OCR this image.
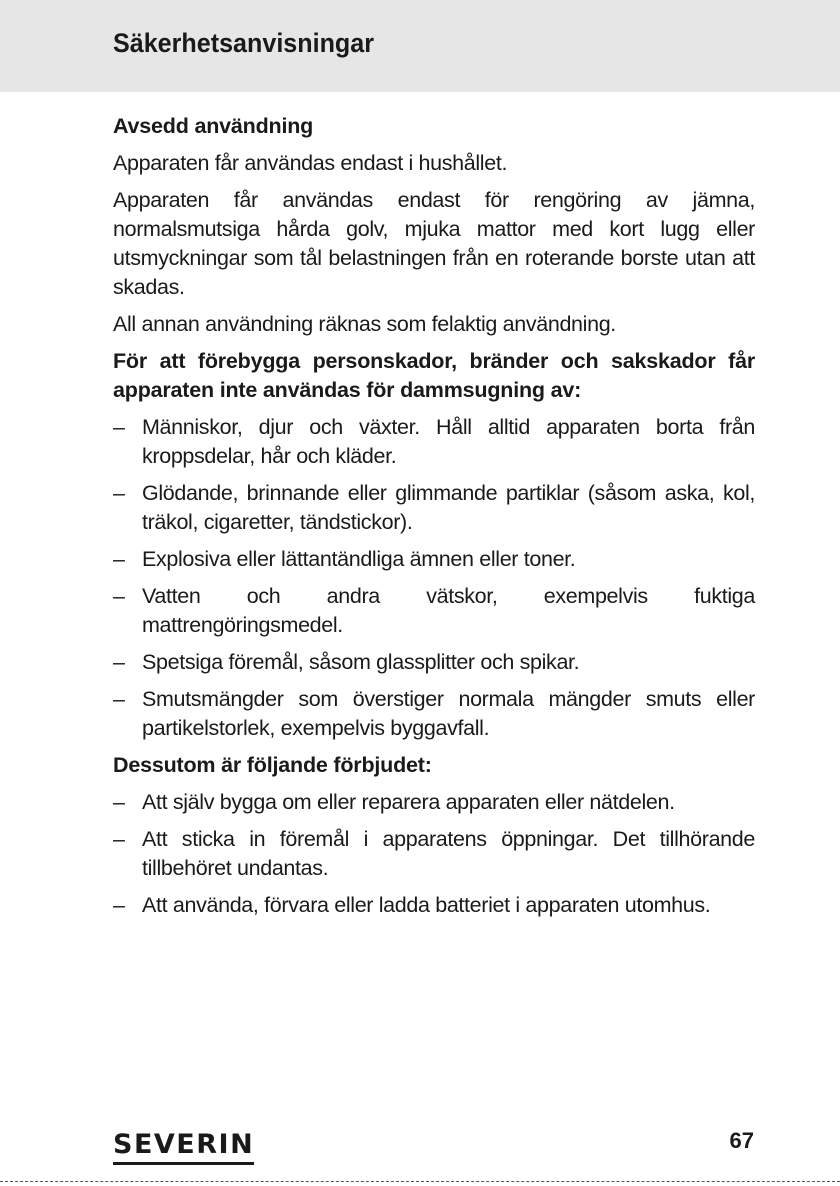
Säkerhetsanvisningar
Avsedd användning

Apparaten får användas endast i hushållet.

Apparaten får användas endast för rengöring av jämna, normalsmutsiga hårda golv, mjuka mattor med kort lugg eller utsmyckningar som tål belastningen från en roterande borste utan att skadas.

All annan användning räknas som felaktig användning.

För att förebygga personskador, bränder och sakskador får apparaten inte användas för dammsugning av:

– Människor, djur och växter. Håll alltid apparaten borta från kroppsdelar, hår och kläder.
– Glödande, brinnande eller glimmande partiklar (såsom aska, kol, träkol, cigaretter, tändstickor).
– Explosiva eller lättantändliga ämnen eller toner.
– Vatten och andra vätskor, exempelvis fuktiga mattrengöringsmedel.
– Spetsiga föremål, såsom glassplitter och spikar.
– Smutsmängder som överstiger normala mängder smuts eller partikelstorlek, exempelvis byggavfall.
Dessutom är följande förbjudet:
– Att själv bygga om eller reparera apparaten eller nätdelen.
– Att sticka in föremål i apparatens öppningar. Det tillhörande tillbehöret undantas.
– Att använda, förvara eller ladda batteriet i apparaten utomhus.
SEVERIN	67
